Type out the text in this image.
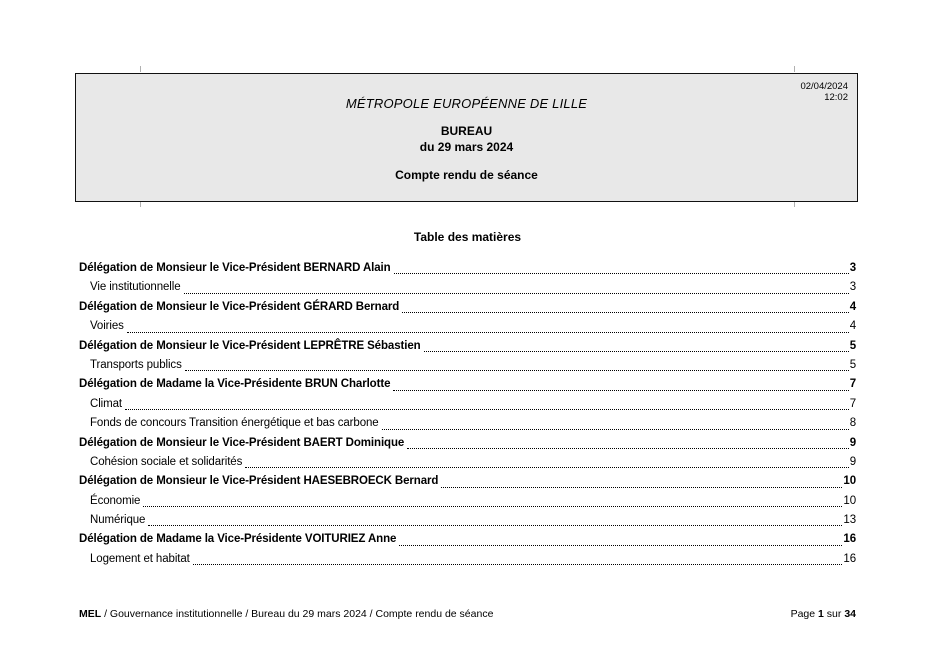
02/04/2024
12:02
MÉTROPOLE EUROPÉENNE DE LILLE
BUREAU
du 29 mars 2024
Compte rendu de séance
Table des matières
Délégation de Monsieur le Vice-Président BERNARD Alain	3
Vie institutionnelle	3
Délégation de Monsieur le Vice-Président GÉRARD Bernard	4
Voiries	4
Délégation de Monsieur le Vice-Président LEPRÊTRE Sébastien	5
Transports publics	5
Délégation de Madame la Vice-Présidente BRUN Charlotte	7
Climat	7
Fonds de concours Transition énergétique et bas carbone	8
Délégation de Monsieur le Vice-Président BAERT Dominique	9
Cohésion sociale et solidarités	9
Délégation de Monsieur le Vice-Président HAESEBROECK Bernard	10
Économie	10
Numérique	13
Délégation de Madame la Vice-Présidente VOITURIEZ Anne	16
Logement et habitat	16
MEL / Gouvernance institutionnelle / Bureau du 29 mars 2024 / Compte rendu de séance	Page 1 sur 34
